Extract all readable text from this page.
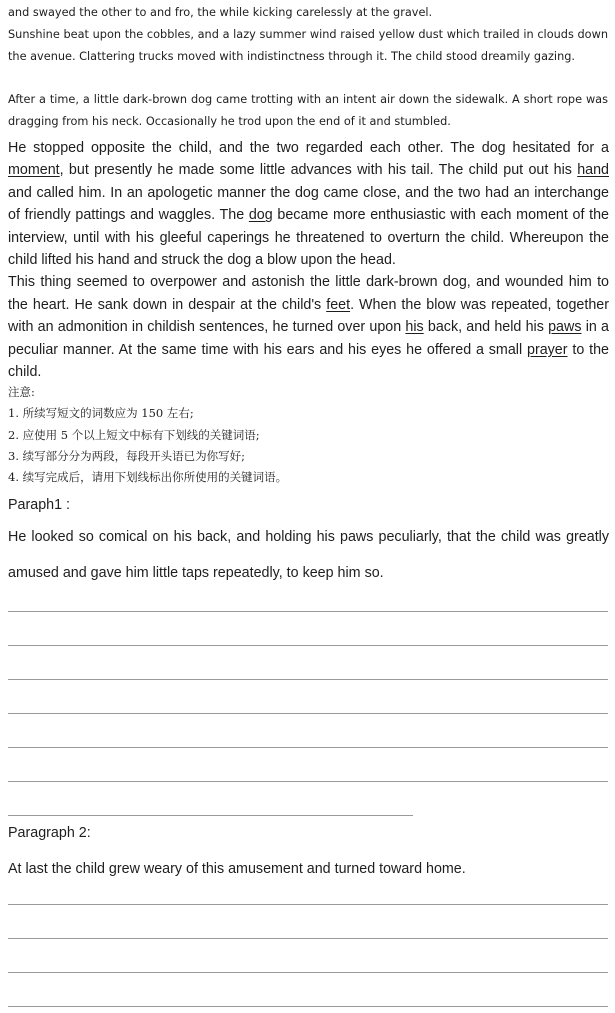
and swayed the other to and fro, the while kicking carelessly at the gravel.

Sunshine beat upon the cobbles, and a lazy summer wind raised yellow dust which trailed in clouds down the avenue. Clattering trucks moved with indistinctness through it. The child stood dreamily gazing.

After a time, a little dark-brown dog came trotting with an intent air down the sidewalk. A short rope was dragging from his neck. Occasionally he trod upon the end of it and stumbled.

He stopped opposite the child, and the two regarded each other. The dog hesitated for a moment, but presently he made some little advances with his tail. The child put out his hand and called him. In an apologetic manner the dog came close, and the two had an interchange of friendly pattings and waggles. The dog became more enthusiastic with each moment of the interview, until with his gleeful caperings he threatened to overturn the child. Whereupon the child lifted his hand and struck the dog a blow upon the head.

This thing seemed to overpower and astonish the little dark-brown dog, and wounded him to the heart. He sank down in despair at the child's feet. When the blow was repeated, together with an admonition in childish sentences, he turned over upon his back, and held his paws in a peculiar manner. At the same time with his ears and his eyes he offered a small prayer to the child.

注意:
1. 所续写短文的词数应为 150 左右;
2. 应使用 5 个以上短文中标有下划线的关键词语;
3. 续写部分分为两段，每段开头语已为你写好;
4. 续写完成后，请用下划线标出你所使用的关键词语。

Paraph1 :

He looked so comical on his back, and holding his paws peculiarly, that the child was greatly amused and gave him little taps repeatedly, to keep him so.

Paragraph 2:

At last the child grew weary of this amusement and turned toward home.
